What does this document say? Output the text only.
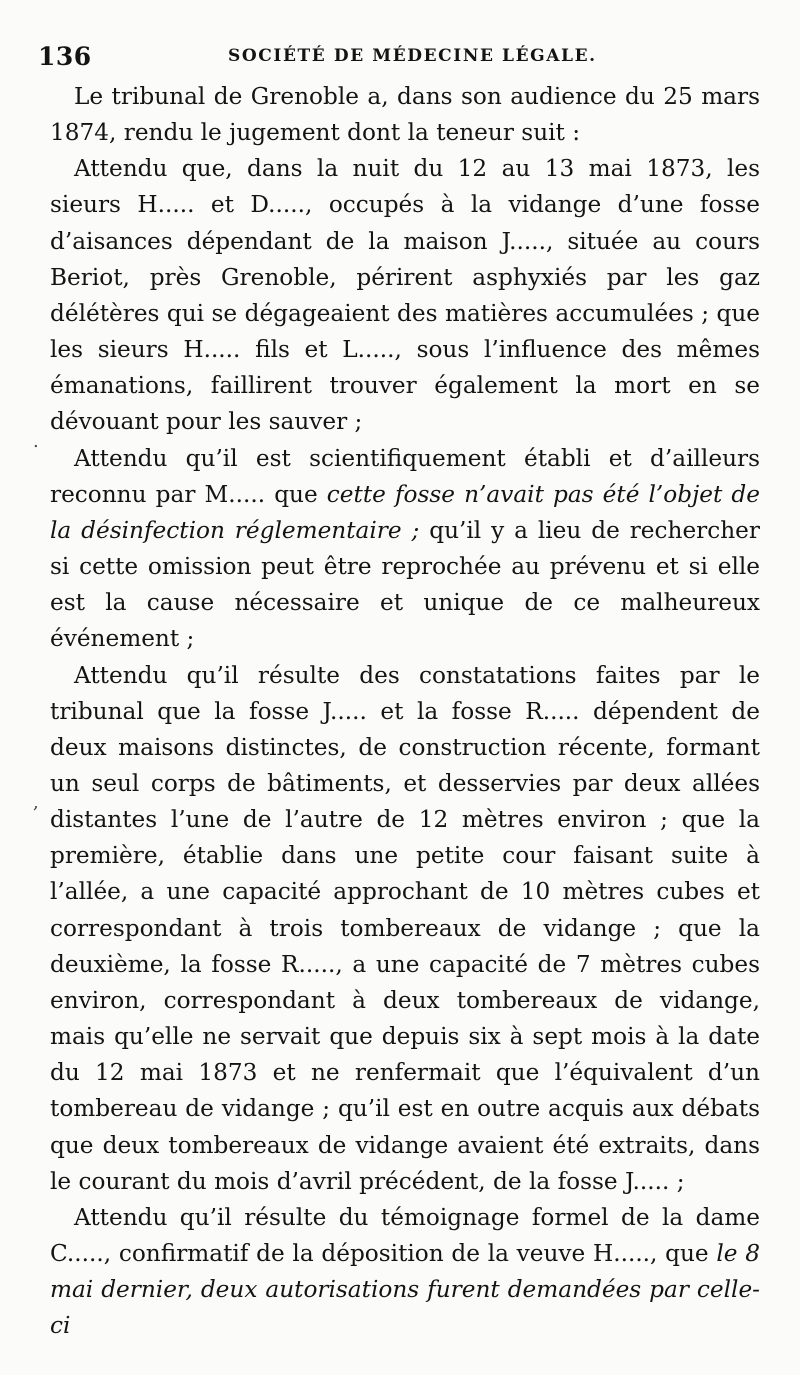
136	SOCIÉTÉ DE MÉDECINE LÉGALE.
.
,

Le tribunal de Grenoble a, dans son audience du 25 mars 1874, rendu le jugement dont la teneur suit :

Attendu que, dans la nuit du 12 au 13 mai 1873, les sieurs H..... et D....., occupés à la vidange d’une fosse d’aisances dépendant de la maison J....., située au cours Beriot, près Grenoble, périrent asphyxiés par les gaz délétères qui se dégageaient des matières accumulées ; que les sieurs H..... fils et L....., sous l’influence des mêmes émanations, faillirent trouver également la mort en se dévouant pour les sauver ;

Attendu qu’il est scientifiquement établi et d’ailleurs reconnu par M..... que cette fosse n’avait pas été l’objet de la désinfection réglementaire ; qu’il y a lieu de rechercher si cette omission peut être reprochée au prévenu et si elle est la cause nécessaire et unique de ce malheureux événement ;

Attendu qu’il résulte des constatations faites par le tribunal que la fosse J..... et la fosse R..... dépendent de deux maisons distinctes, de construction récente, formant un seul corps de bâtiments, et desservies par deux allées distantes l’une de l’autre de 12 mètres environ ; que la première, établie dans une petite cour faisant suite à l’allée, a une capacité approchant de 10 mètres cubes et correspondant à trois tombereaux de vidange ; que la deuxième, la fosse R....., a une capacité de 7 mètres cubes environ, correspondant à deux tombereaux de vidange, mais qu’elle ne servait que depuis six à sept mois à la date du 12 mai 1873 et ne renfermait que l’équivalent d’un tombereau de vidange ; qu’il est en outre acquis aux débats que deux tombereaux de vidange avaient été extraits, dans le courant du mois d’avril précédent, de la fosse J..... ;

Attendu qu’il résulte du témoignage formel de la dame C....., confirmatif de la déposition de la veuve H....., que le 8 mai dernier, deux autorisations furent demandées par celle-ci
